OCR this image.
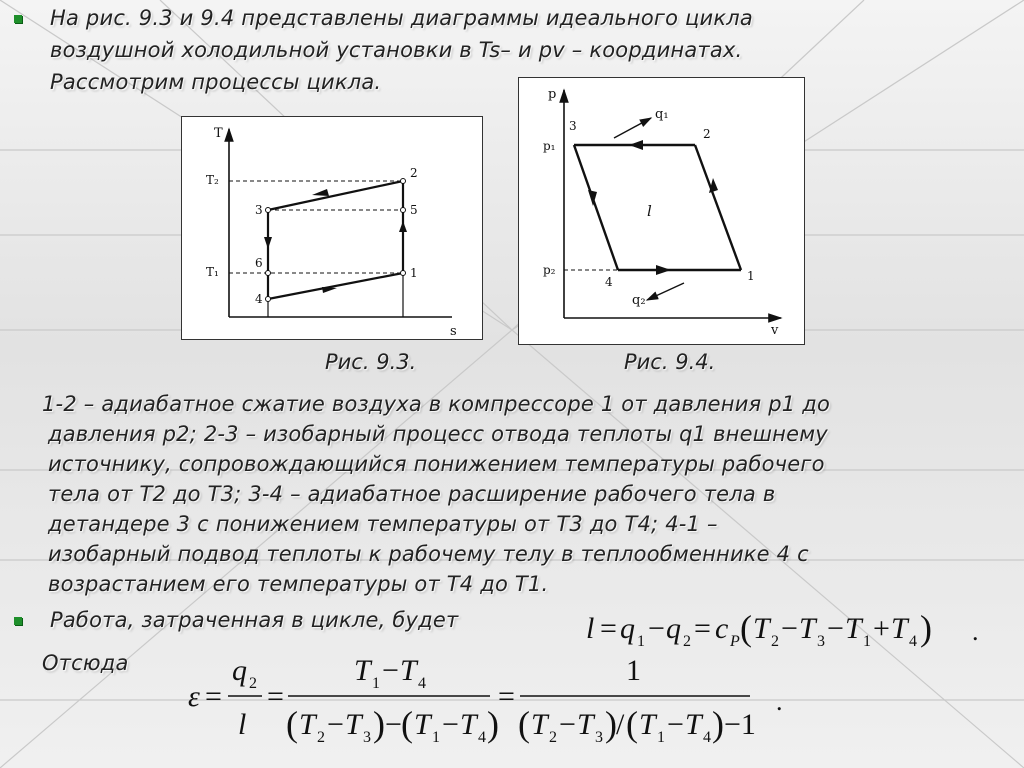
На рис. 9.3 и 9.4 представлены диаграммы идеального цикла
воздушной холодильной установки в Ts– и pv – координатах.
Рассмотрим процессы цикла.
T
s
T₂
T₁	1
2
3
4
5
6
p
v
p₁
p₂
q₁
q₂
l
1
2
3
4
Рис. 9.3.	Рис. 9.4.
1-2 – адиабатное сжатие воздуха в компрессоре 1 от давления р1 до
давления р2; 2-3 – изобарный процесс отвода теплоты q1 внешнему
источнику, сопровождающийся понижением температуры рабочего
тела от Т2 до Т3; 3-4 – адиабатное расширение рабочего тела в
детандере 3 с понижением температуры от Т3 до Т4; 4-1 –
изобарный подвод теплоты к рабочему телу в теплообменнике 4 с
возрастанием его температуры от Т4 до Т1.
Работа, затраченная в цикле, будет	l = q 1 − q 2 = c P ( T 2 − T 3 − T 1 + T 4 ) .
Отсюда
ε =
q 2
l
=
T 1 − T 4
( T 2 − T 3 ) − ( T 1 − T 4 )
=
1
( T 2 − T 3 ) / ( T 1 − T 4 ) −1
.
